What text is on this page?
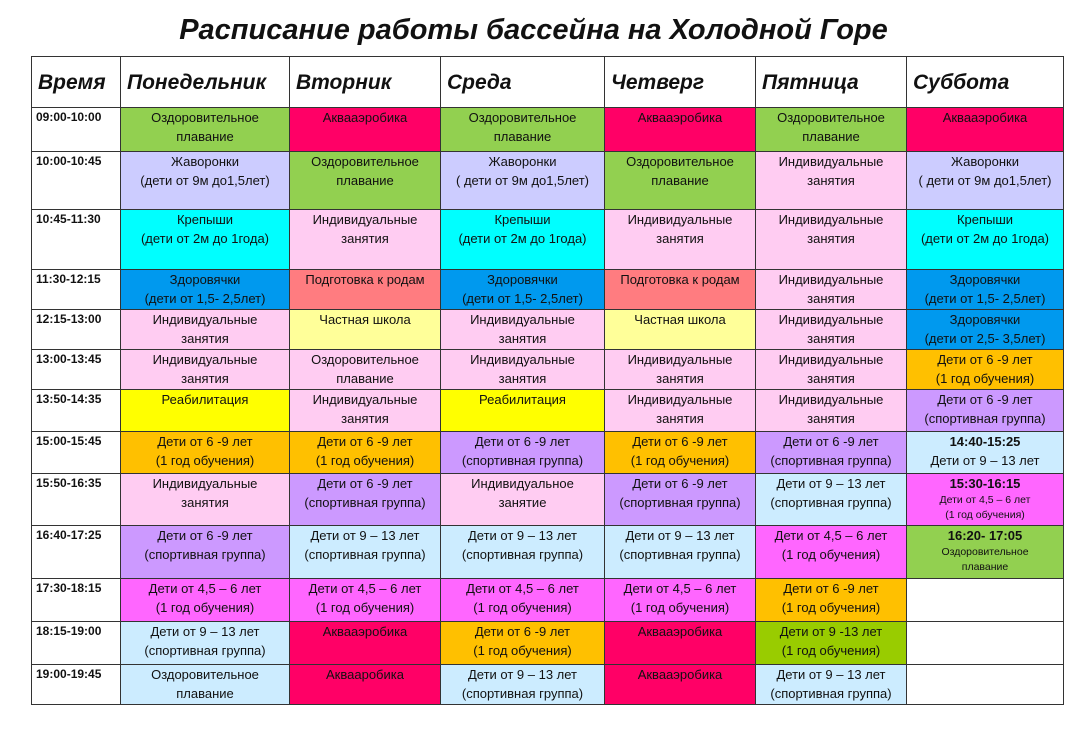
Расписание работы бассейна на Холодной Горе
Время	Понедельник	Вторник	Среда	Четверг	Пятница	Суббота
09:00-10:00	Оздоровительное
плавание	Аквааэробика	Оздоровительное
плавание	Аквааэробика	Оздоровительное
плавание	Аквааэробика

10:00-10:45	Жаворонки
(дети от 9м до1,5лет)	Оздоровительное
плавание	Жаворонки
( дети от 9м до1,5лет)	Оздоровительное
плавание	Индивидуальные
занятия	Жаворонки
( дети от 9м до1,5лет)

10:45-11:30	Крепыши
(дети от 2м до 1года)	Индивидуальные
занятия	Крепыши
(дети от 2м до 1года)	Индивидуальные
занятия	Индивидуальные
занятия	Крепыши
(дети от 2м до 1года)

11:30-12:15	Здоровячки
(дети от 1,5- 2,5лет)	Подготовка к родам	Здоровячки
(дети от 1,5- 2,5лет)	Подготовка к родам	Индивидуальные
занятия	Здоровячки
(дети от 1,5- 2,5лет)

12:15-13:00	Индивидуальные
занятия	Частная школа	Индивидуальные
занятия	Частная школа	Индивидуальные
занятия	Здоровячки
(дети от 2,5- 3,5лет)

13:00-13:45	Индивидуальные
занятия	Оздоровительное
плавание	Индивидуальные
занятия	Индивидуальные
занятия	Индивидуальные
занятия	Дети от 6 -9 лет
(1 год обучения)

13:50-14:35	Реабилитация	Индивидуальные
занятия	Реабилитация	Индивидуальные
занятия	Индивидуальные
занятия	Дети от 6 -9 лет
(спортивная группа)

15:00-15:45	Дети от 6 -9 лет
(1 год обучения)	Дети от 6 -9 лет
(1 год обучения)	Дети от 6 -9 лет
(спортивная группа)	Дети от 6 -9 лет
(1 год обучения)	Дети от 6 -9 лет
(спортивная группа)	14:40-15:25
Дети от 9 – 13 лет

15:50-16:35	Индивидуальные
занятия	Дети от 6 -9 лет
(спортивная группа)	Индивидуальное
занятие	Дети от 6 -9 лет
(спортивная группа)	Дети от 9 – 13 лет
(спортивная группа)	15:30-16:15
Дети от 4,5 – 6 лет
(1 год обучения)

16:40-17:25	Дети от 6 -9 лет
(спортивная группа)	Дети от 9 – 13 лет
(спортивная группа)	Дети от 9 – 13 лет
(спортивная группа)	Дети от 9 – 13 лет
(спортивная группа)	Дети от 4,5 – 6 лет
(1 год обучения)	16:20- 17:05
Оздоровительное
плавание

17:30-18:15	Дети от 4,5 – 6 лет
(1 год обучения)	Дети от 4,5 – 6 лет
(1 год обучения)	Дети от 4,5 – 6 лет
(1 год обучения)	Дети от 4,5 – 6 лет
(1 год обучения)	Дети от 6 -9 лет
(1 год обучения)	

18:15-19:00	Дети от 9 – 13 лет
(спортивная группа)	Аквааэробика	Дети от 6 -9 лет
(1 год обучения)	Аквааэробика	Дети от 9 -13 лет
(1 год обучения)	

19:00-19:45	Оздоровительное
плавание	Аквааробика	Дети от 9 – 13 лет
(спортивная группа)	Аквааэробика	Дети от 9 – 13 лет
(спортивная группа)	
